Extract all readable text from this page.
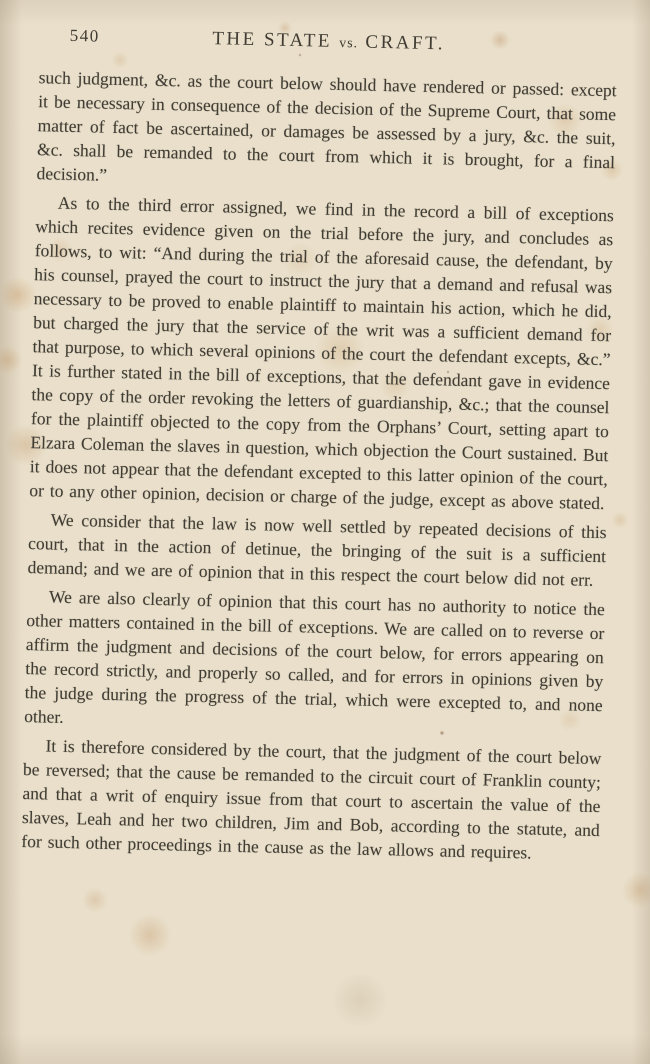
540	THE STATE vs. CRAFT.

such judgment, &c. as the court below should have rendered or passed: except it be necessary in consequence of the decision of the Supreme Court, that some matter of fact be ascertained, or damages be assessed by a jury, &c. the suit, &c. shall be remanded to the court from which it is brought, for a final decision.”

As to the third error assigned, we find in the record a bill of exceptions which recites evidence given on the trial before the jury, and concludes as follows, to wit: “And during the trial of the aforesaid cause, the defendant, by his counsel, prayed the court to instruct the jury that a demand and refusal was necessary to be proved to enable plaintiff to maintain his action, which he did, but charged the jury that the service of the writ was a sufficient demand for that purpose, to which several opinions of the court the defendant excepts, &c.” It is further stated in the bill of exceptions, that the defendant gave in evidence the copy of the order revoking the letters of guardianship, &c.; that the counsel for the plaintiff objected to the copy from the Orphans’ Court, setting apart to Elzara Coleman the slaves in question, which objection the Court sustained. But it does not appear that the defendant excepted to this latter opinion of the court, or to any other opinion, decision or charge of the judge, except as above stated.

We consider that the law is now well settled by repeated decisions of this court, that in the action of detinue, the bringing of the suit is a sufficient demand; and we are of opinion that in this respect the court below did not err.

We are also clearly of opinion that this court has no authority to notice the other matters contained in the bill of exceptions. We are called on to reverse or affirm the judgment and decisions of the court below, for errors appearing on the record strictly, and properly so called, and for errors in opinions given by the judge during the progress of the trial, which were excepted to, and none other.

It is therefore considered by the court, that the judgment of the court below be reversed; that the cause be remanded to the circuit court of Franklin county; and that a writ of enquiry issue from that court to ascertain the value of the slaves, Leah and her two children, Jim and Bob, according to the statute, and for such other proceedings in the cause as the law allows and requires.
